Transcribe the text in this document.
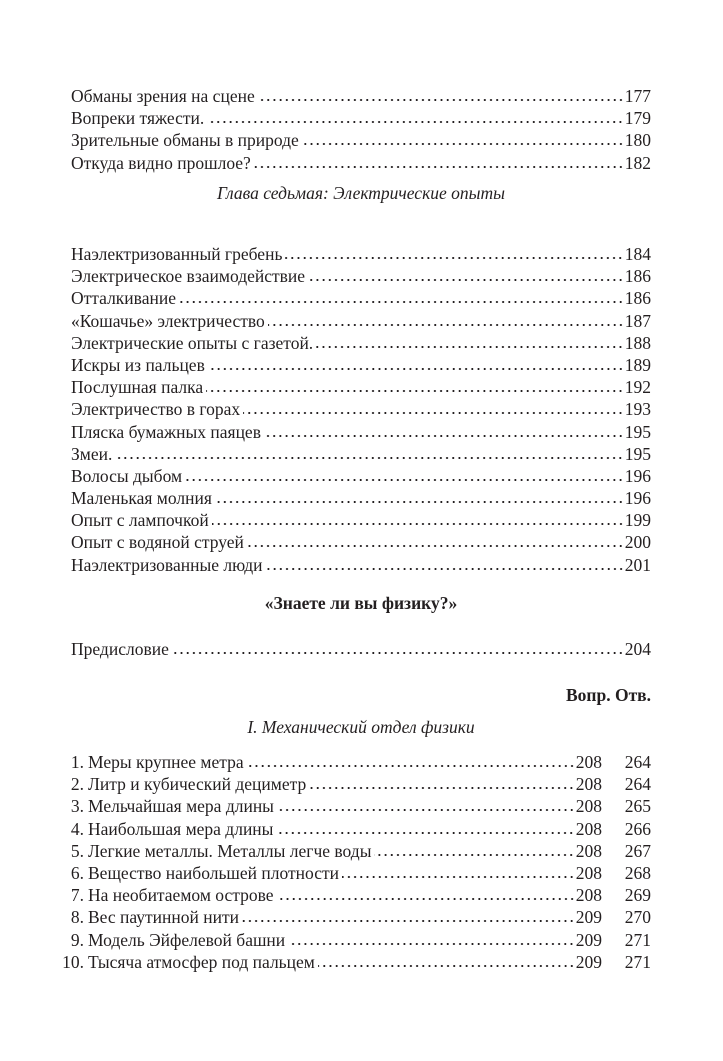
Обманы зрения на сцене	177
Вопреки тяжести.	179
Зрительные обманы в природе	180
Откуда видно прошлое?	182
Глава седьмая: Электрические опыты
Наэлектризованный гребень	184
Электрическое взаимодействие	186
Отталкивание	186
«Кошачье» электричество	187
Электрические опыты с газетой.	188
Искры из пальцев	189
Послушная палка	192
Электричество в горах	193
Пляска бумажных паяцев	195
Змеи.	195
Волосы дыбом	196
Маленькая молния	196
Опыт с лампочкой	199
Опыт с водяной струей	200
Наэлектризованные люди	201
«Знаете ли вы физику?»
Предисловие	204
Вопр. Отв.
I. Механический отдел физики
1. Меры крупнее метра	208	264
2. Литр и кубический дециметр	208	264
3. Мельчайшая мера длины	208	265
4. Наибольшая мера длины	208	266
5. Легкие металлы. Металлы легче воды	208	267
6. Вещество наибольшей плотности	208	268
7. На необитаемом острове	208	269
8. Вес паутинной нити	209	270
9. Модель Эйфелевой башни	209	271
10. Тысяча атмосфер под пальцем	209	271
